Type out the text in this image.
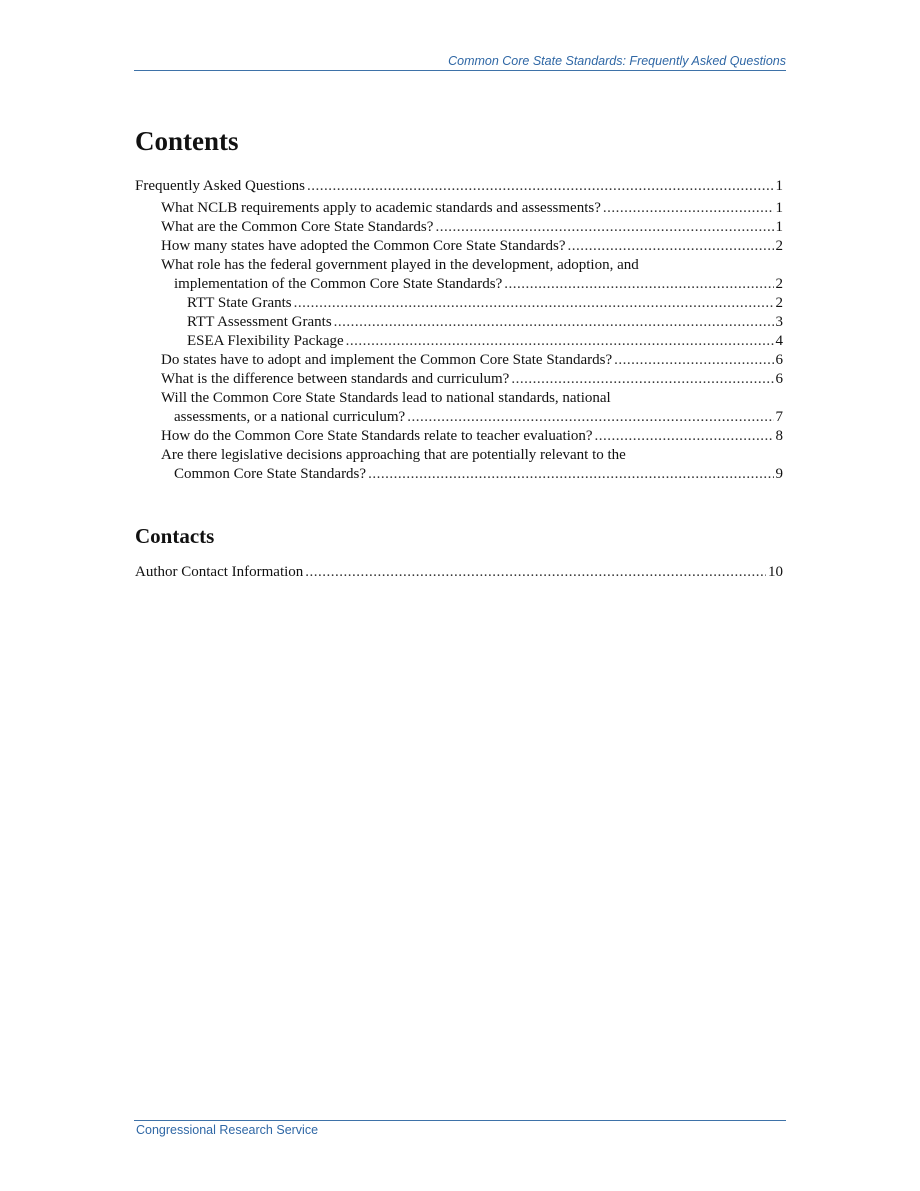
Common Core State Standards: Frequently Asked Questions
Contents
Frequently Asked Questions .....	1
What NCLB requirements apply to academic standards and assessments? .....	1
What are the Common Core State Standards? .....	1
How many states have adopted the Common Core State Standards? .....	2
What role has the federal government played in the development, adoption, and
implementation of the Common Core State Standards? .....	2
RTT State Grants .....	2
RTT Assessment Grants .....	3
ESEA Flexibility Package .....	4
Do states have to adopt and implement the Common Core State Standards? .....	6
What is the difference between standards and curriculum? .....	6
Will the Common Core State Standards lead to national standards, national
assessments, or a national curriculum? .....	7
How do the Common Core State Standards relate to teacher evaluation? .....	8
Are there legislative decisions approaching that are potentially relevant to the
Common Core State Standards? .....	9
Contacts
Author Contact Information .....	10
Congressional Research Service
